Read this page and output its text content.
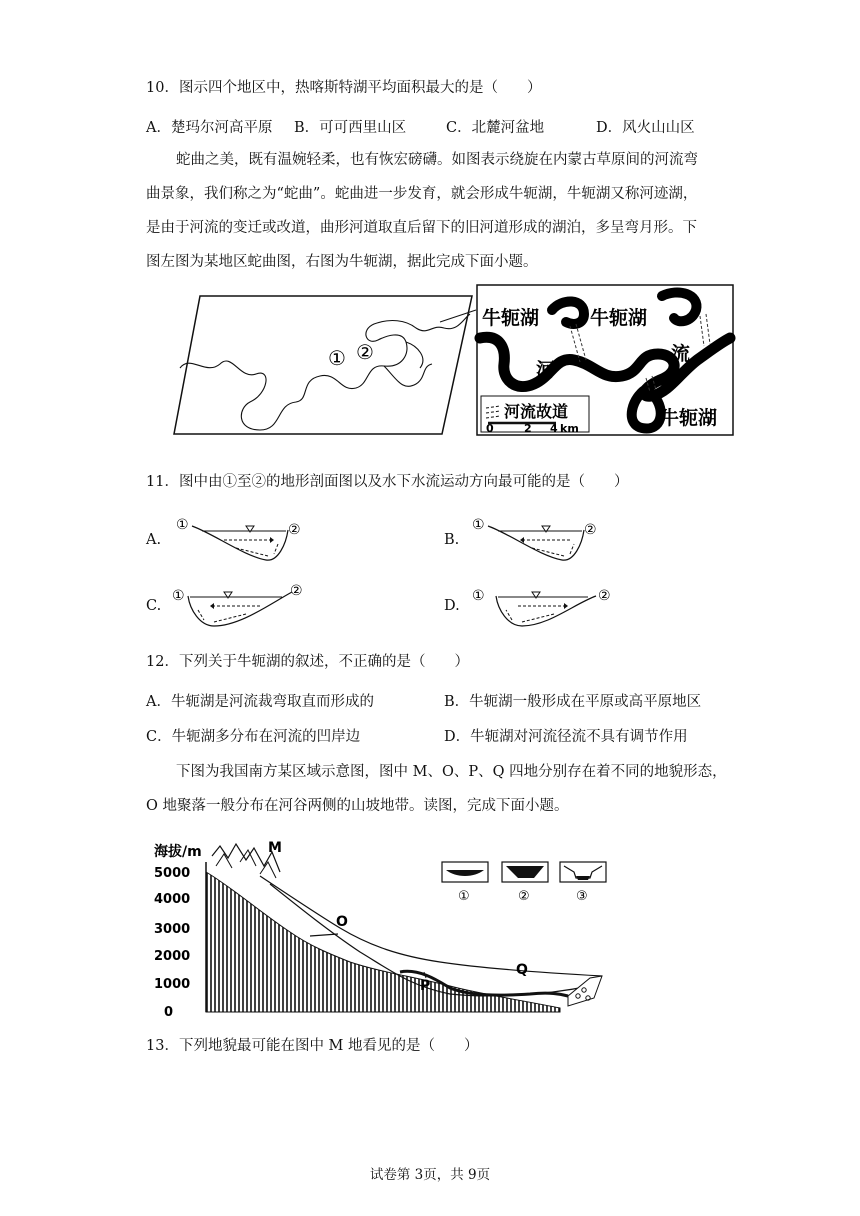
10．图示四个地区中，热喀斯特湖平均面积最大的是（　　）
A．楚玛尔河高平原 B．可可西里山区	C．北麓河盆地	D．风火山山区
蛇曲之美，既有温婉轻柔，也有恢宏磅礴。如图表示绕旋在内蒙古草原间的河流弯
曲景象，我们称之为“蛇曲”。蛇曲进一步发育，就会形成牛轭湖，牛轭湖又称河迹湖，
是由于河流的变迁或改道，曲形河道取直后留下的旧河道形成的湖泊，多呈弯月形。下
图左图为某地区蛇曲图，右图为牛轭湖，据此完成下面小题。
① ②
牛轭湖	牛轭湖
牛轭湖
河
流
河流故道
0	2 4 km
11．图中由①至②的地形剖面图以及水下水流运动方向最可能的是（　　）
A.
①	②
B.
①	②
C.
①	②
D.
①	②
12．下列关于牛轭湖的叙述，不正确的是（　　）
A．牛轭湖是河流裁弯取直而形成的	B．牛轭湖一般形成在平原或高平原地区
C．牛轭湖多分布在河流的凹岸边	D．牛轭湖对河流径流不具有调节作用
下图为我国南方某区域示意图，图中 M、O、P、Q 四地分别存在着不同的地貌形态，
O 地聚落一般分布在河谷两侧的山坡地带。读图，完成下面小题。
海拔/m
5000
4000
3000
2000
1000
0
M
O
P
Q
①	②	③
13．下列地貌最可能在图中 M 地看见的是（　　）
试卷第 3页，共 9页
